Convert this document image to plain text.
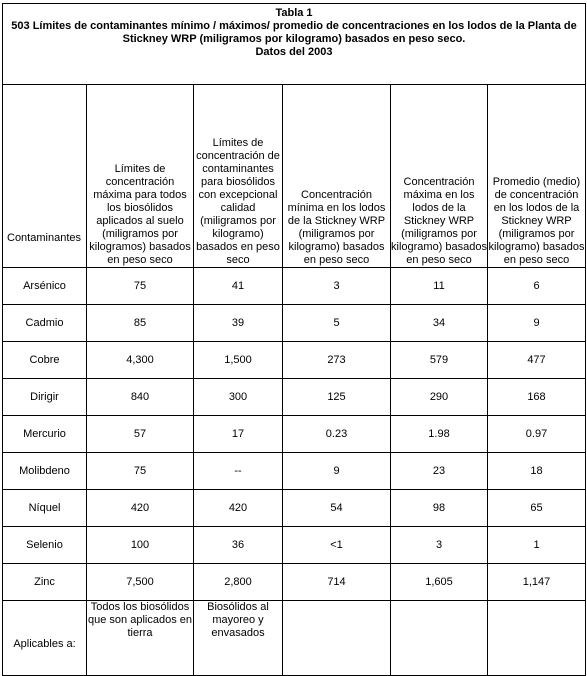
Tabla 1
503 Límites de contaminantes mínimo / máximos/ promedio de concentraciones en los lodos de la Planta de
Stickney WRP (miligramos por kilogramo) basados en peso seco.
Datos del 2003					

Contaminantes	Límites de concentración máxima para todos los biosólidos aplicados al suelo (miligramos por kilogramos) basados en peso seco	Límites de concentración de contaminantes para biosólidos con excepcional calidad (miligramos por kilogramo) basados en peso seco	Concentración mínima en los lodos de la Stickney WRP (miligramos por kilogramo) basados en peso seco	Concentración máxima en los lodos de la Stickney WRP (miligramos por kilogramo) basados en peso seco	Promedio (medio) de concentración en los lodos de la Stickney WRP (miligramos por kilogramo) basados en peso seco
Arsénico	75	41	3	11	6
Cadmio	85	39	5	34	9
Cobre	4,300	1,500	273	579	477
Dirigir	840	300	125	290	168
Mercurio	57	17	0.23	1.98	0.97
Molibdeno	75	--	9	23	18
Níquel	420	420	54	98	65
Selenio	100	36	<1	3	1
Zinc	7,500	2,800	714	1,605	1,147
Aplicables a:	Todos los biosólidos que son aplicados en tierra	Biosólidos al mayoreo y envasados			
